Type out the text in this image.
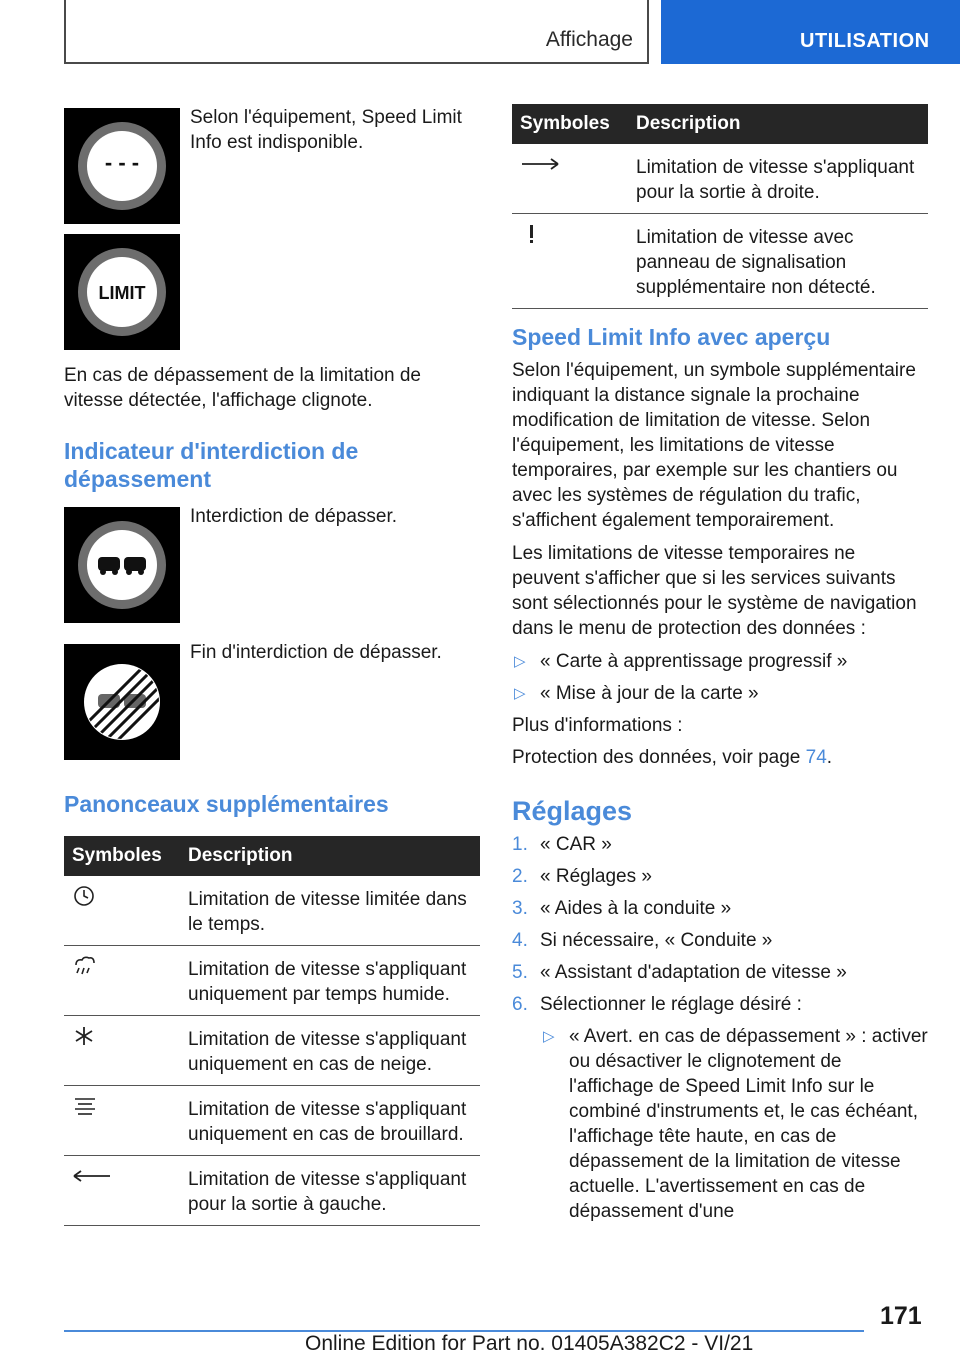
Affichage	UTILISATION
- - -
Selon l'équipement, Speed Limit Info est indisponible.
LIMIT
En cas de dépassement de la limitation de vitesse détectée, l'affichage clignote.
Indicateur d'interdiction de dépassement
Interdiction de dépasser.
Fin d'interdiction de dépasser.
Panonceaux supplémentaires
Symboles	Description

	Limitation de vitesse limitée dans le temps.

	Limitation de vitesse s'appliquant uniquement par temps humide.

	Limitation de vitesse s'appliquant uniquement en cas de neige.

	Limitation de vitesse s'appliquant uniquement en cas de brouillard.

	Limitation de vitesse s'appliquant pour la sortie à gauche.
Symboles	Description

	Limitation de vitesse s'appliquant pour la sortie à droite.

	Limitation de vitesse avec panneau de signalisation supplémentaire non détecté.
Speed Limit Info avec aperçu
Selon l'équipement, un symbole supplémentaire indiquant la distance signale la prochaine modification de limitation de vitesse. Selon l'équipement, les limitations de vitesse temporaires, par exemple sur les chantiers ou avec les systèmes de régulation du trafic, s'affichent également temporairement.
Les limitations de vitesse temporaires ne peuvent s'afficher que si les services suivants sont sélectionnés pour le système de navigation dans le menu de protection des données :
▷ « Carte à apprentissage progressif »
▷ « Mise à jour de la carte »
Plus d'informations :
Protection des données, voir page 74.
Réglages
1. « CAR »
2. « Réglages »
3. « Aides à la conduite »
4. Si nécessaire, « Conduite »
5. « Assistant d'adaptation de vitesse »
6. Sélectionner le réglage désiré :
▷ « Avert. en cas de dépassement » : activer ou désactiver le clignotement de l'affichage de Speed Limit Info sur le combiné d'instruments et, le cas échéant, l'affichage tête haute, en cas de dépassement de la limitation de vitesse actuelle. L'avertissement en cas de dépassement d'une
171
Online Edition for Part no. 01405A382C2 - VI/21
